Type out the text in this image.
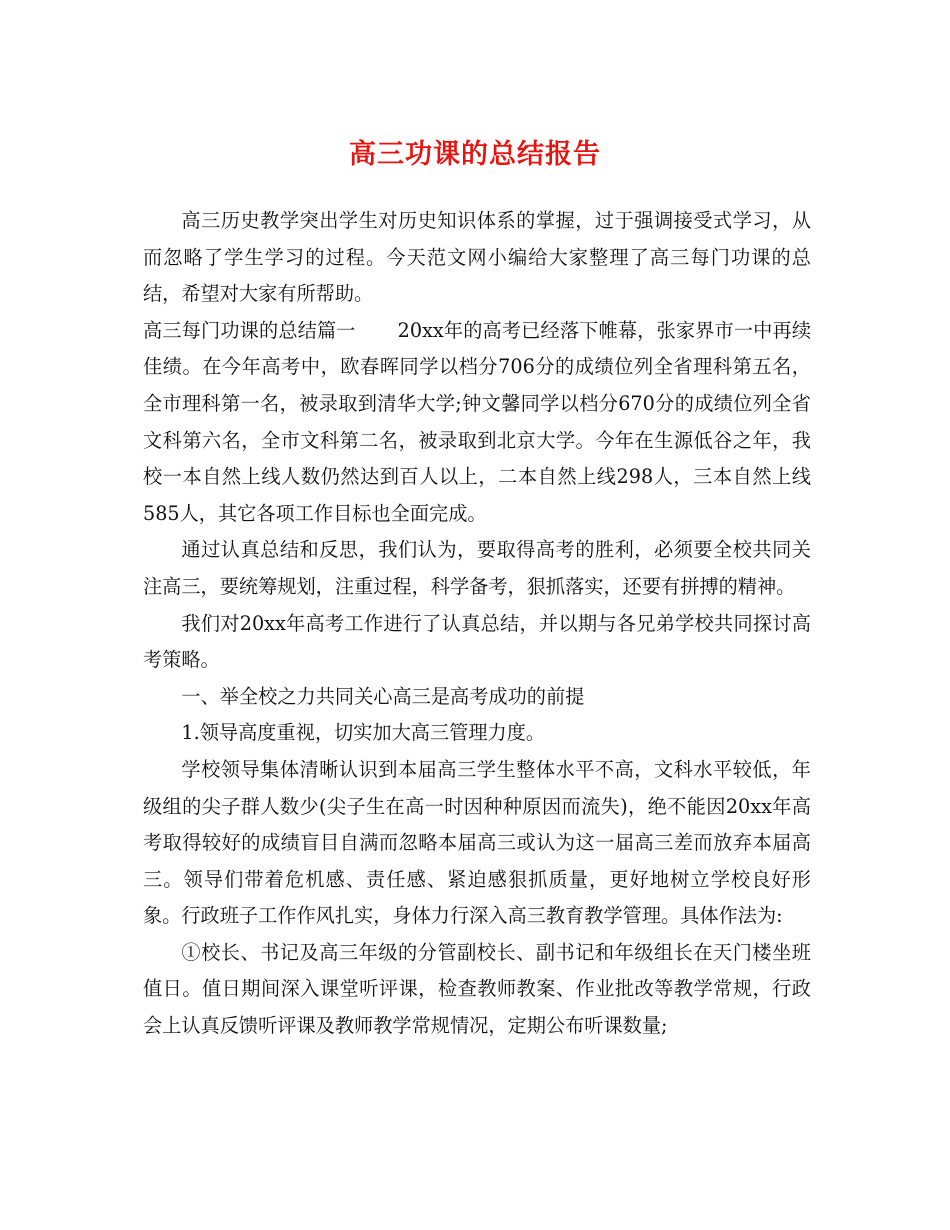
高三功课的总结报告

高三历史教学突出学生对历史知识体系的掌握，过于强调接受式学习，从而忽略了学生学习的过程。今天范文网小编给大家整理了高三每门功课的总结，希望对大家有所帮助。

高三每门功课的总结篇一 20xx年的高考已经落下帷幕，张家界市一中再续佳绩。在今年高考中，欧春晖同学以档分706分的成绩位列全省理科第五名，全市理科第一名，被录取到清华大学;钟文馨同学以档分670分的成绩位列全省文科第六名，全市文科第二名，被录取到北京大学。今年在生源低谷之年，我校一本自然上线人数仍然达到百人以上，二本自然上线298人，三本自然上线585人，其它各项工作目标也全面完成。

通过认真总结和反思，我们认为，要取得高考的胜利，必须要全校共同关注高三，要统筹规划，注重过程，科学备考，狠抓落实，还要有拼搏的精神。

我们对20xx年高考工作进行了认真总结，并以期与各兄弟学校共同探讨高考策略。

一、举全校之力共同关心高三是高考成功的前提

1.领导高度重视，切实加大高三管理力度。

学校领导集体清晰认识到本届高三学生整体水平不高，文科水平较低，年级组的尖子群人数少(尖子生在高一时因种种原因而流失)，绝不能因20xx年高考取得较好的成绩盲目自满而忽略本届高三或认为这一届高三差而放弃本届高三。领导们带着危机感、责任感、紧迫感狠抓质量，更好地树立学校良好形象。行政班子工作作风扎实，身体力行深入高三教育教学管理。具体作法为:

①校长、书记及高三年级的分管副校长、副书记和年级组长在天门楼坐班值日。值日期间深入课堂听评课，检查教师教案、作业批改等教学常规，行政会上认真反馈听评课及教师教学常规情况，定期公布听课数量;
